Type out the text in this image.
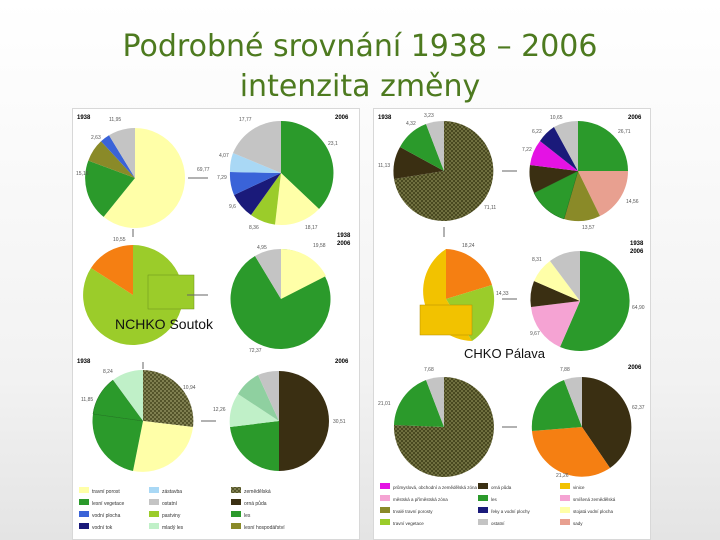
Podrobné srovnání 1938 – 2006
intenzita změny
travní porost
lesní vegetace
vodní plocha
vodní tok
zástavba
ostatní
pastviny
mladý les
zemědělská
orná půda
les
lesní hospodářství
1938	2006
1938
2006
1938	2006
11,95
2,63
15,16
69,77
17,77
4,07
23,1
7,29
9,6
8,36	18,17
19,58
10,55
4,95
72,37
8,24
11,85
10,94
30,51
12,26
NCHKO Soutok
průmyslová, obchodní a zemědělská zóna
městská a příměstská zóna
trvalé travní porosty
travní vegetace
orná půda
les
řeky a vodní plochy
ostatní
vinice
smíšená zemědělská
stojatá vodní plocha
sady
1938	2006
1938
2006
2006
3,23
4,32
11,13
71,11
10,65
6,22
7,22
26,71
14,56
13,57
18,24
8,31
14,33
9,67
64,90
7,68	7,88
62,37
21,26
21,01
CHKO Pálava
